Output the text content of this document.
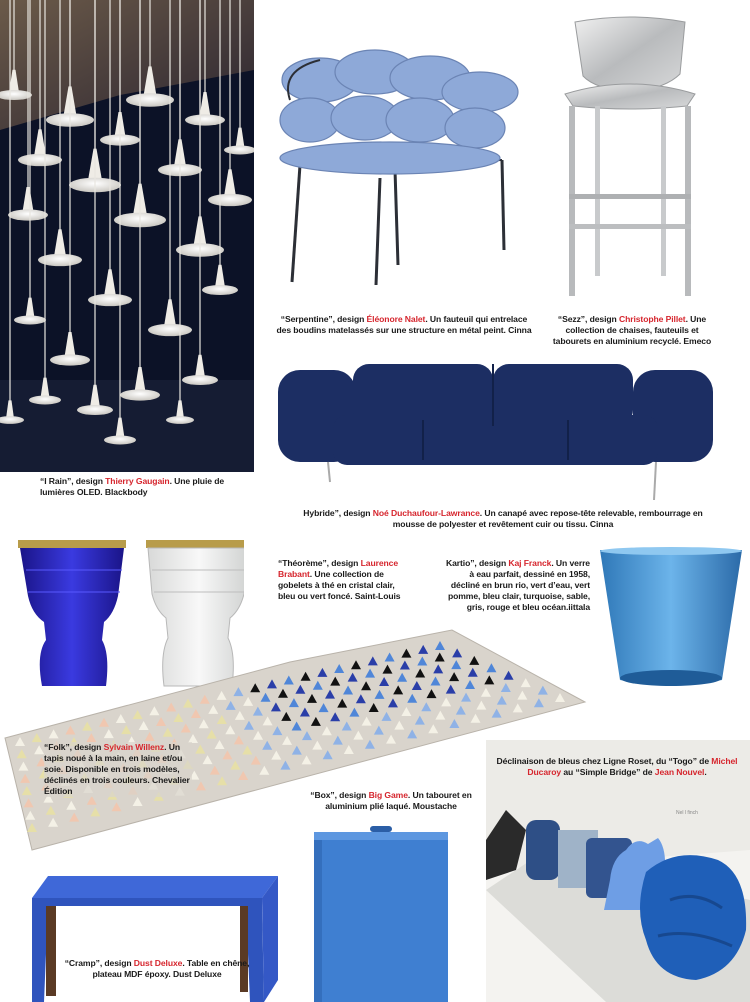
“I Rain”, design Thierry Gaugain. Une pluie de lumières OLED. Blackbody
“Serpentine”, design Éléonore Nalet. Un fauteuil qui entrelace des boudins matelassés sur une structure en métal peint. Cinna
“Sezz”, design Christophe Pillet. Une collection de chaises, fauteuils et tabourets en aluminium recyclé. Emeco
Hybride”, design Noé Duchaufour-Lawrance. Un canapé avec repose-tête relevable, rembourrage en mousse de polyester et revêtement cuir ou tissu. Cinna
“Théorème”, design Laurence Brabant. Une collection de gobelets à thé en cristal clair, bleu ou vert foncé. Saint-Louis
Kartio”, design Kaj Franck. Un verre à eau parfait, dessiné en 1958, décliné en brun rio, vert d’eau, vert pomme, bleu clair, turquoise, sable, gris, rouge et bleu océan.iittala
“Folk”, design Sylvain Willenz. Un tapis noué à la main, en laine et/ou soie. Disponible en trois modèles, déclinés en trois couleurs. Chevalier Édition	“Box”, design Big Game. Un tabouret en aluminium plié laqué. Moustache
“Cramp”, design Dust Deluxe. Table en chêne, plateau MDF époxy. Dust Deluxe
Nel l finch
Déclinaison de bleus chez Ligne Roset, du “Togo” de Michel Ducaroy au “Simple Bridge” de Jean Nouvel.
